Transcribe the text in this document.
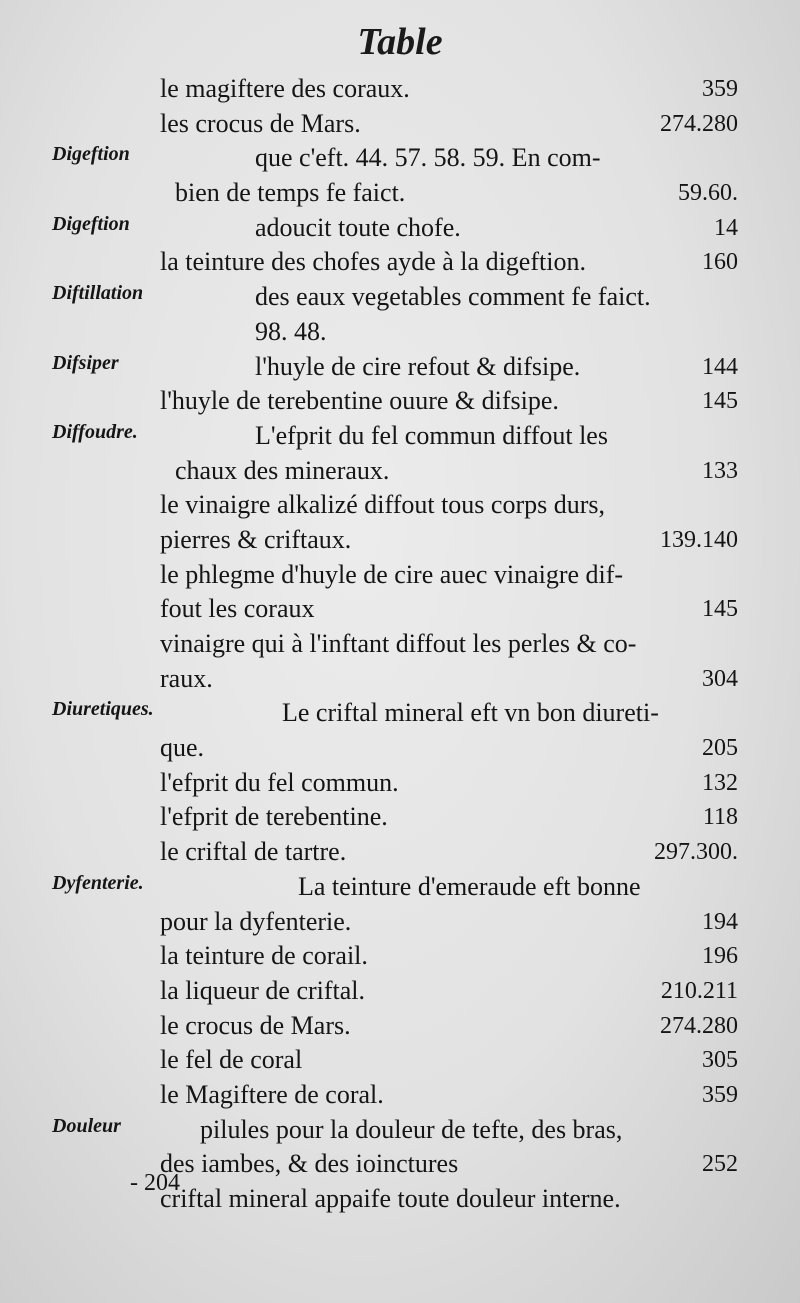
Table
le magiftere des coraux.	359
les crocus de Mars.	274.280
Digeftion	que c'eft. 44. 57. 58. 59. En com-
bien de temps fe faict.	59.60.
Digeftion	adoucit toute chofe.	14
la teinture des chofes ayde à la digeftion.	160
Diftillation	des eaux vegetables comment fe faict.
98. 48.
Difsiper	l'huyle de cire refout & difsipe.	144
l'huyle de terebentine ouure & difsipe.	145
Diffoudre.	L'efprit du fel commun diffout les
chaux des mineraux.	133
le vinaigre alkalizé diffout tous corps durs,
pierres & criftaux.	139.140
le phlegme d'huyle de cire auec vinaigre dif-
fout les coraux	145
vinaigre qui à l'inftant diffout les perles & co-
raux.	304
Diuretiques.	Le criftal mineral eft vn bon diureti-
que.	205
l'efprit du fel commun.	132
l'efprit de terebentine.	118
le criftal de tartre.	297.300.
Dyfenterie.	La teinture d'emeraude eft bonne
pour la dyfenterie.	194
la teinture de corail.	196
la liqueur de criftal.	210.211
le crocus de Mars.	274.280
le fel de coral	305
le Magiftere de coral.	359
Douleur	pilules pour la douleur de tefte, des bras,
des iambes, & des ioinctures	252
criftal mineral appaife toute douleur interne.
- 204
